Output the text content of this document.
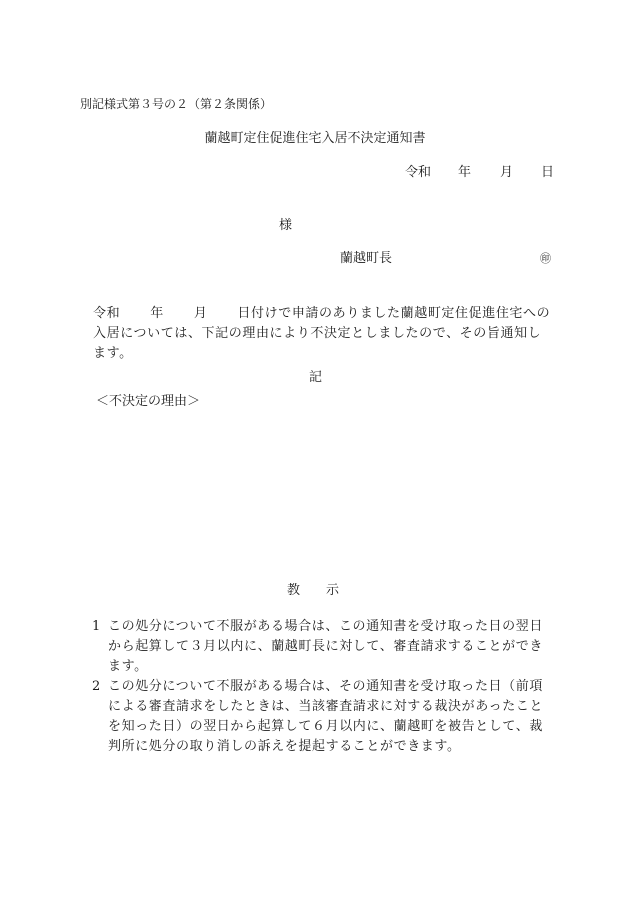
別記様式第３号の２（第２条関係）
蘭越町定住促進住宅入居不決定通知書
令和 年 月 日
様
蘭越町長	㊞

令和 年 月 日付けで申請のありました蘭越町定住促進住宅への入居については、下記の理由により不決定としましたので、その旨通知します。

記
＜不決定の理由＞
教　　示
1 この処分について不服がある場合は、この通知書を受け取った日の翌日から起算して３月以内に、蘭越町長に対して、審査請求することができます。
2 この処分について不服がある場合は、その通知書を受け取った日（前項による審査請求をしたときは、当該審査請求に対する裁決があったことを知った日）の翌日から起算して６月以内に、蘭越町を被告として、裁判所に処分の取り消しの訴えを提起することができます。
